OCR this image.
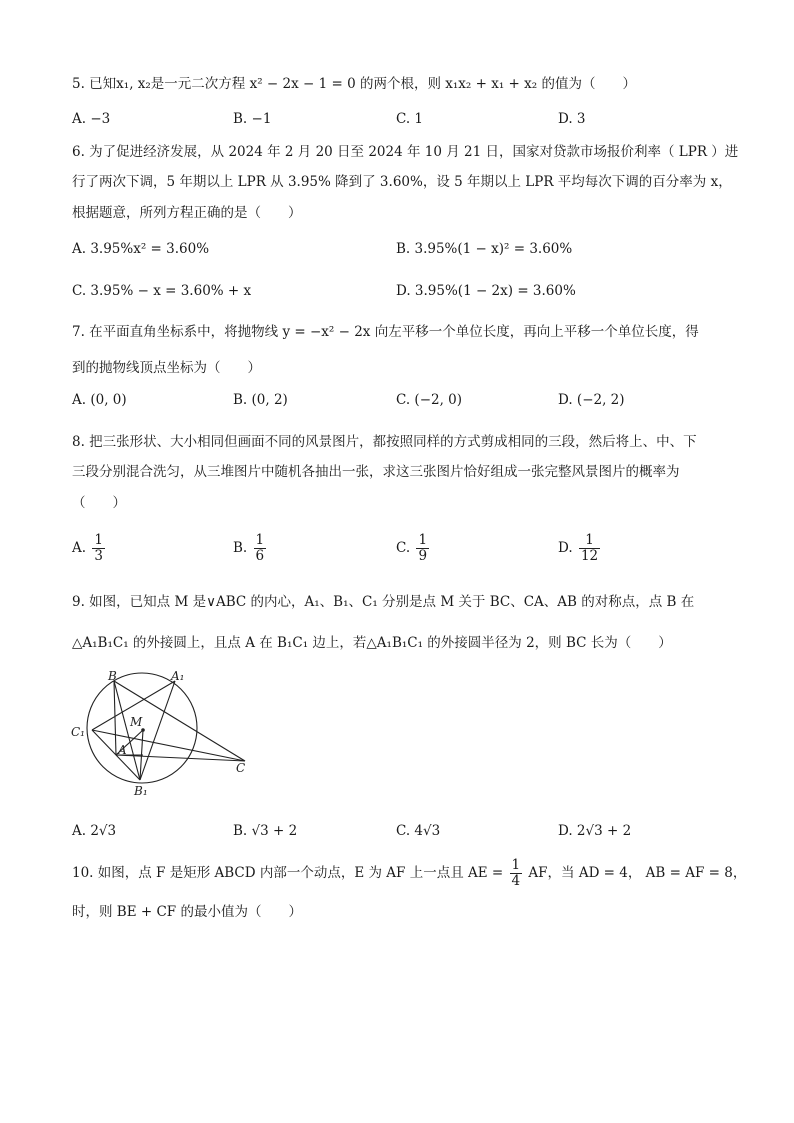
5. 已知x₁, x₂是一元二次方程 x² − 2x − 1 = 0 的两个根，则 x₁x₂ + x₁ + x₂ 的值为（　　）
A. −3	B. −1	C. 1	D. 3
6. 为了促进经济发展，从 2024 年 2 月 20 日至 2024 年 10 月 21 日，国家对贷款市场报价利率（ LPR ）进
行了两次下调，5 年期以上 LPR 从 3.95% 降到了 3.60%，设 5 年期以上 LPR 平均每次下调的百分率为 x，
根据题意，所列方程正确的是（　　）
A. 3.95%x² = 3.60%	B. 3.95%(1 − x)² = 3.60%
C. 3.95% − x = 3.60% + x	D. 3.95%(1 − 2x) = 3.60%
7. 在平面直角坐标系中，将抛物线 y = −x² − 2x 向左平移一个单位长度，再向上平移一个单位长度，得
到的抛物线顶点坐标为（　　）
A. (0, 0)	B. (0, 2)	C. (−2, 0)	D. (−2, 2)
8. 把三张形状、大小相同但画面不同的风景图片，都按照同样的方式剪成相同的三段，然后将上、中、下
三段分别混合洗匀，从三堆图片中随机各抽出一张，求这三张图片恰好组成一张完整风景图片的概率为
（　　）
A. $\frac{1}{3}$	B. $\frac{1}{6}$	C. $\frac{1}{9}$	D. $\frac{1}{12}$
9. 如图，已知点 M 是∨ABC 的内心，A₁、B₁、C₁ 分别是点 M 关于 BC、CA、AB 的对称点，点 B 在
△A₁B₁C₁ 的外接圆上，且点 A 在 B₁C₁ 边上，若△A₁B₁C₁ 的外接圆半径为 2，则 BC 长为（　　）
B	A₁
M
C₁
A
C
B₁
A. 2√3	B. √3 + 2	C. 4√3	D. 2√3 + 2
10. 如图，点 F 是矩形 ABCD 内部一个动点，E 为 AF 上一点且 AE = $\frac{1}{4}$ AF，当 AD = 4， AB = AF = 8，
时，则 BE + CF 的最小值为（　　）
